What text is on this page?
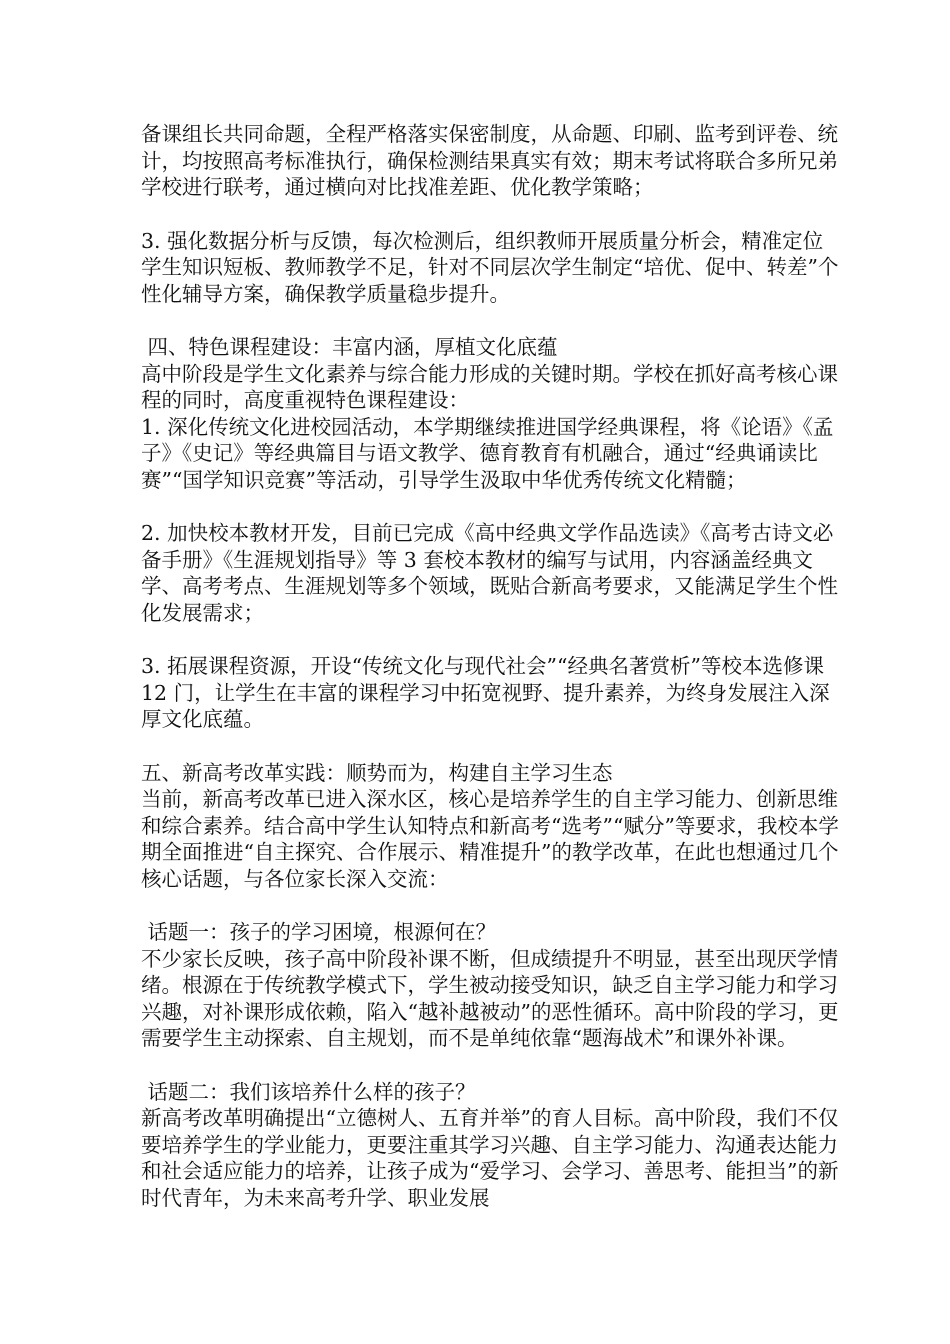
备课组长共同命题，全程严格落实保密制度，从命题、印刷、监考到评卷、统计，均按照高考标准执行，确保检测结果真实有效；期末考试将联合多所兄弟学校进行联考，通过横向对比找准差距、优化教学策略；

3. 强化数据分析与反馈，每次检测后，组织教师开展质量分析会，精准定位学生知识短板、教师教学不足，针对不同层次学生制定“培优、促中、转差”个性化辅导方案，确保教学质量稳步提升。

四、特色课程建设：丰富内涵，厚植文化底蕴

高中阶段是学生文化素养与综合能力形成的关键时期。学校在抓好高考核心课程的同时，高度重视特色课程建设：

1. 深化传统文化进校园活动，本学期继续推进国学经典课程，将《论语》《孟子》《史记》等经典篇目与语文教学、德育教育有机融合，通过“经典诵读比赛”“国学知识竞赛”等活动，引导学生汲取中华优秀传统文化精髓；

2. 加快校本教材开发，目前已完成《高中经典文学作品选读》《高考古诗文必备手册》《生涯规划指导》等 3 套校本教材的编写与试用，内容涵盖经典文学、高考考点、生涯规划等多个领域，既贴合新高考要求，又能满足学生个性化发展需求；

3. 拓展课程资源，开设“传统文化与现代社会”“经典名著赏析”等校本选修课 12 门，让学生在丰富的课程学习中拓宽视野、提升素养，为终身发展注入深厚文化底蕴。

五、新高考改革实践：顺势而为，构建自主学习生态

当前，新高考改革已进入深水区，核心是培养学生的自主学习能力、创新思维和综合素养。结合高中学生认知特点和新高考“选考”“赋分”等要求，我校本学期全面推进“自主探究、合作展示、精准提升”的教学改革，在此也想通过几个核心话题，与各位家长深入交流：

话题一：孩子的学习困境，根源何在？

不少家长反映，孩子高中阶段补课不断，但成绩提升不明显，甚至出现厌学情绪。根源在于传统教学模式下，学生被动接受知识，缺乏自主学习能力和学习兴趣，对补课形成依赖，陷入“越补越被动”的恶性循环。高中阶段的学习，更需要学生主动探索、自主规划，而不是单纯依靠“题海战术”和课外补课。

话题二：我们该培养什么样的孩子？

新高考改革明确提出“立德树人、五育并举”的育人目标。高中阶段，我们不仅要培养学生的学业能力，更要注重其学习兴趣、自主学习能力、沟通表达能力和社会适应能力的培养，让孩子成为“爱学习、会学习、善思考、能担当”的新时代青年，为未来高考升学、职业发展
